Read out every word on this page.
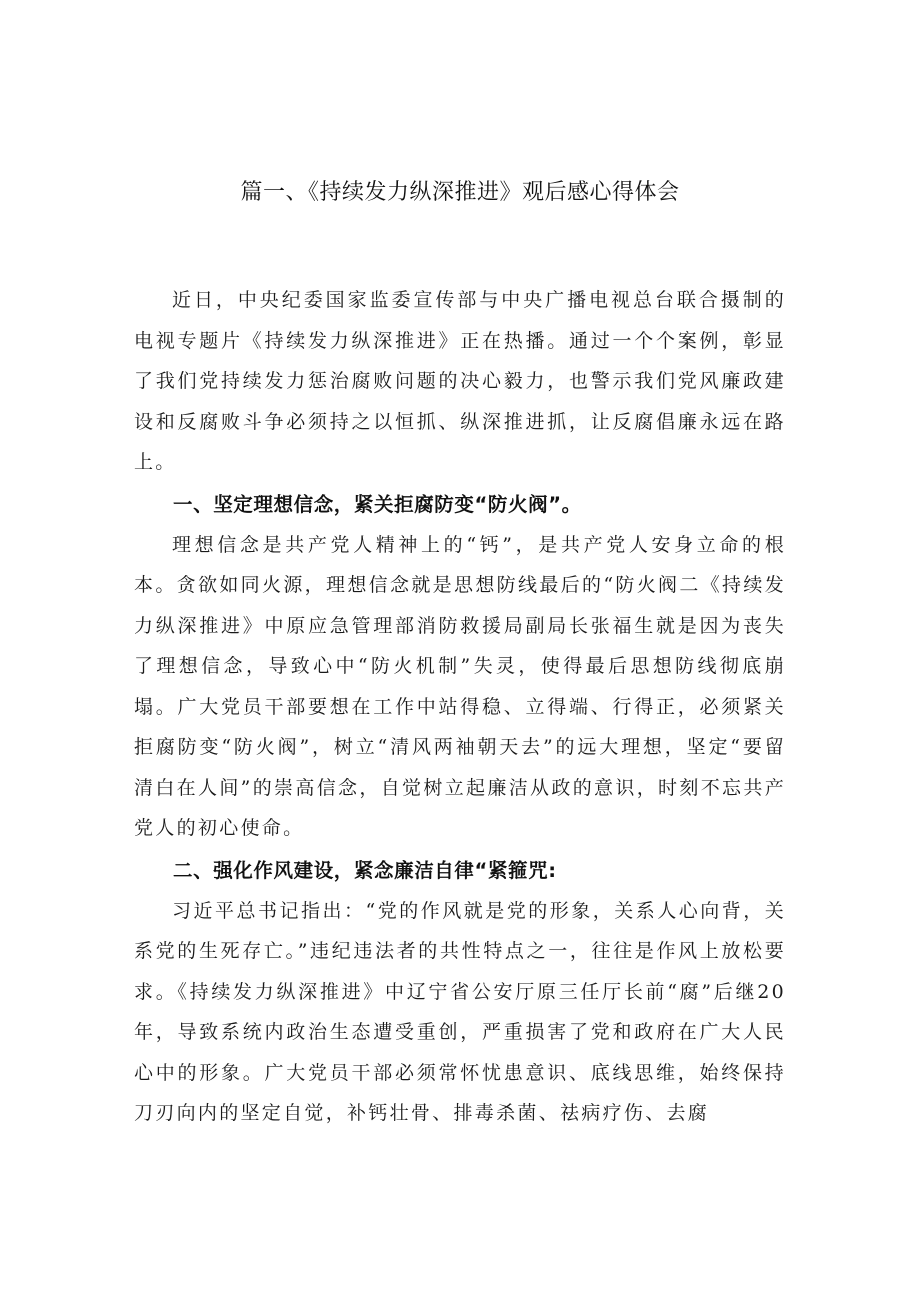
篇一、《持续发力纵深推进》观后感心得体会

近日，中央纪委国家监委宣传部与中央广播电视总台联合摄制的电视专题片《持续发力纵深推进》正在热播。通过一个个案例，彰显了我们党持续发力惩治腐败问题的决心毅力，也警示我们党风廉政建设和反腐败斗争必须持之以恒抓、纵深推进抓，让反腐倡廉永远在路上。

一、坚定理想信念，紧关拒腐防变“防火阀”。

理想信念是共产党人精神上的“钙”，是共产党人安身立命的根本。贪欲如同火源，理想信念就是思想防线最后的“防火阀二《持续发力纵深推进》中原应急管理部消防救援局副局长张福生就是因为丧失了理想信念，导致心中“防火机制”失灵，使得最后思想防线彻底崩塌。广大党员干部要想在工作中站得稳、立得端、行得正，必须紧关拒腐防变“防火阀”，树立“清风两袖朝天去”的远大理想，坚定“要留清白在人间”的崇高信念，自觉树立起廉洁从政的意识，时刻不忘共产党人的初心使命。

二、强化作风建设，紧念廉洁自律“紧箍咒:

习近平总书记指出：“党的作风就是党的形象，关系人心向背，关系党的生死存亡。”违纪违法者的共性特点之一，往往是作风上放松要求。《持续发力纵深推进》中辽宁省公安厅原三任厅长前“腐”后继20年，导致系统内政治生态遭受重创，严重损害了党和政府在广大人民心中的形象。广大党员干部必须常怀忧患意识、底线思维，始终保持刀刃向内的坚定自觉，补钙壮骨、排毒杀菌、祛病疗伤、去腐
